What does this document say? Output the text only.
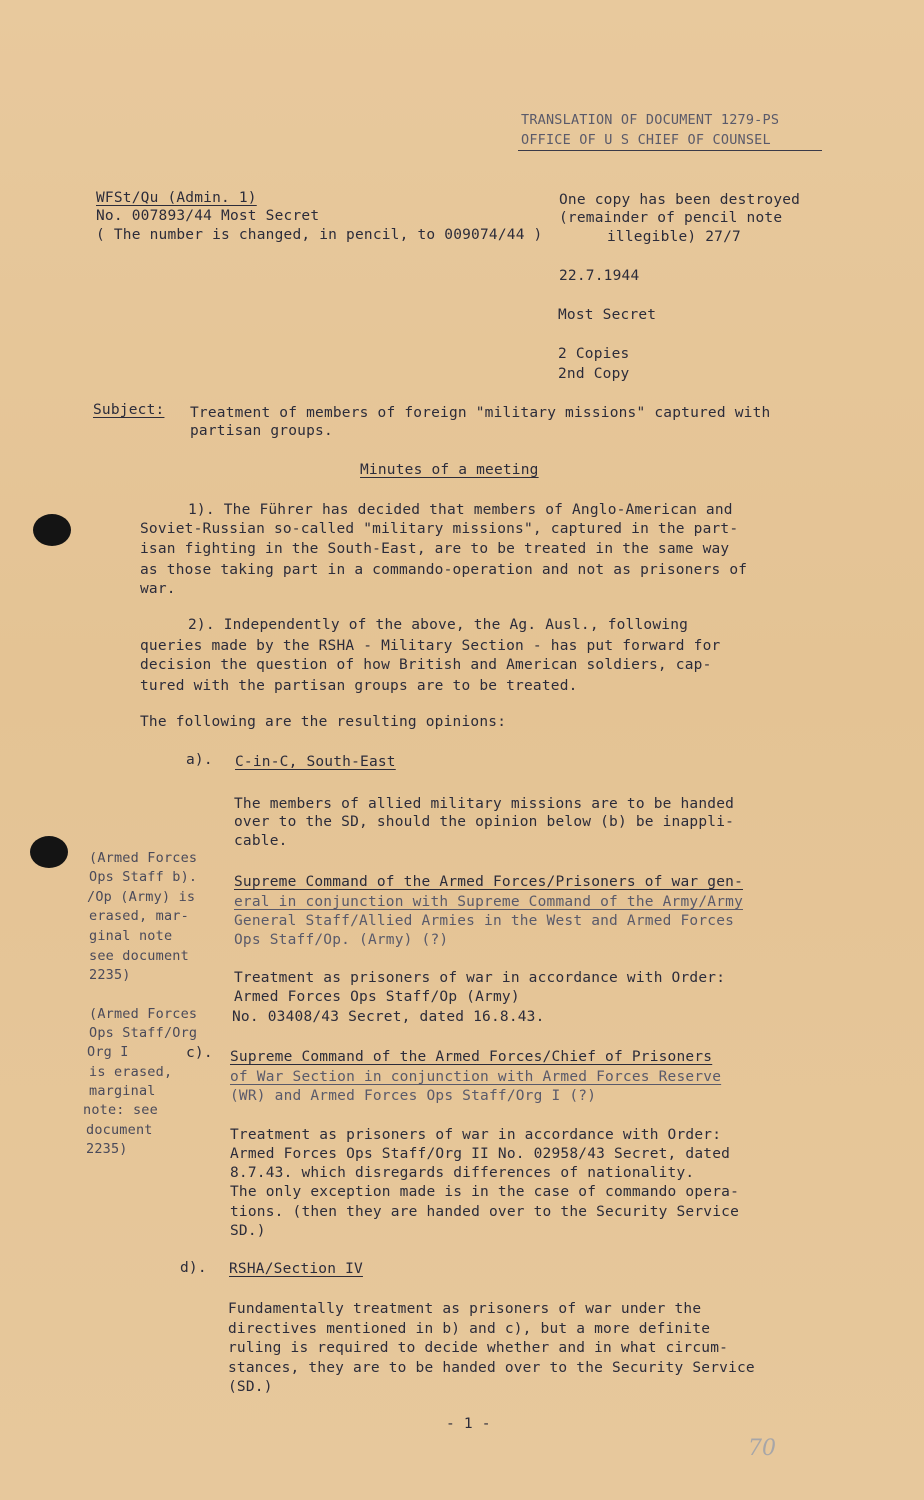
TRANSLATION OF DOCUMENT 1279-PS
OFFICE OF U S CHIEF OF COUNSEL
WFSt/Qu (Admin. 1)
No. 007893/44 Most Secret
( The number is changed, in pencil, to 009074/44 )
One copy has been destroyed
(remainder of pencil note
illegible) 27/7
22.7.1944
Most Secret
2 Copies
2nd Copy
Subject: Treatment of members of foreign "military missions" captured with
partisan groups.
Minutes of a meeting
1). The Führer has decided that members of Anglo-American and
Soviet-Russian so-called "military missions", captured in the part-
isan fighting in the South-East, are to be treated in the same way
as those taking part in a commando-operation and not as prisoners of
war.
2). Independently of the above, the Ag. Ausl., following
queries made by the RSHA - Military Section - has put forward for
decision the question of how British and American soldiers, cap-
tured with the partisan groups are to be treated.
The following are the resulting opinions:
a). C-in-C, South-East
The members of allied military missions are to be handed
over to the SD, should the opinion below (b) be inappli-
cable.
(Armed Forces
Ops Staff b).
/Op (Army) is
erased, mar-
ginal note
see document
2235)
Supreme Command of the Armed Forces/Prisoners of war gen-
eral in conjunction with Supreme Command of the Army/Army
General Staff/Allied Armies in the West and Armed Forces
Ops Staff/Op. (Army) (?)
Treatment as prisoners of war in accordance with Order:
Armed Forces Ops Staff/Op (Army)
No. 03408/43 Secret, dated 16.8.43.
(Armed Forces
Ops Staff/Org
Org I
is erased,
marginal
note: see
document
2235)
c). Supreme Command of the Armed Forces/Chief of Prisoners
of War Section in conjunction with Armed Forces Reserve
(WR) and Armed Forces Ops Staff/Org I (?)
Treatment as prisoners of war in accordance with Order:
Armed Forces Ops Staff/Org II No. 02958/43 Secret, dated
8.7.43. which disregards differences of nationality.
The only exception made is in the case of commando opera-
tions. (then they are handed over to the Security Service
SD.)
d). RSHA/Section IV
Fundamentally treatment as prisoners of war under the
directives mentioned in b) and c), but a more definite
ruling is required to decide whether and in what circum-
stances, they are to be handed over to the Security Service
(SD.)
- 1 -
70
